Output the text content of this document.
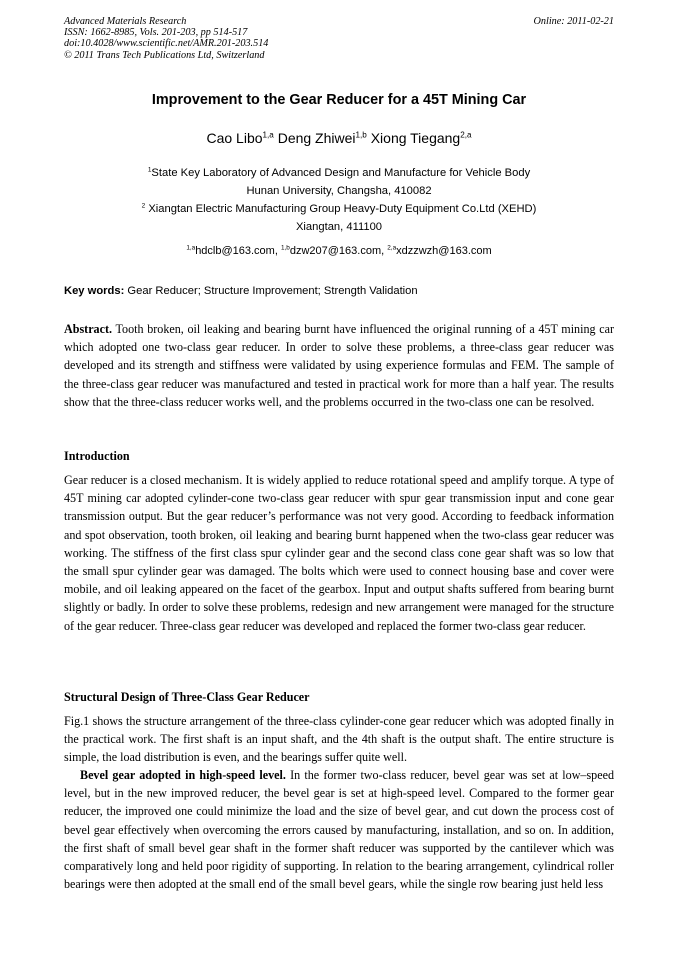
Advanced Materials Research
ISSN: 1662-8985, Vols. 201-203, pp 514-517
doi:10.4028/www.scientific.net/AMR.201-203.514
© 2011 Trans Tech Publications Ltd, Switzerland
Online: 2011-02-21
Improvement to the Gear Reducer for a 45T Mining Car
Cao Libo$^{1,a}$ Deng Zhiwei$^{1,b}$ Xiong Tiegang$^{2,a}$
$^1$State Key Laboratory of Advanced Design and Manufacture for Vehicle Body
Hunan University, Changsha, 410082
$^2$ Xiangtan Electric Manufacturing Group Heavy-Duty Equipment Co.Ltd (XEHD)
Xiangtan, 411100
$^{1,a}$hdclb@163.com, $^{1,b}$dzw207@163.com, $^{2,a}$xdzzwzh@163.com
Key words: Gear Reducer; Structure Improvement; Strength Validation
Abstract. Tooth broken, oil leaking and bearing burnt have influenced the original running of a 45T mining car which adopted one two-class gear reducer. In order to solve these problems, a three-class gear reducer was developed and its strength and stiffness were validated by using experience formulas and FEM. The sample of the three-class gear reducer was manufactured and tested in practical work for more than a half year. The results show that the three-class reducer works well, and the problems occurred in the two-class one can be resolved.
Introduction
Gear reducer is a closed mechanism. It is widely applied to reduce rotational speed and amplify torque. A type of 45T mining car adopted cylinder-cone two-class gear reducer with spur gear transmission input and cone gear transmission output. But the gear reducer’s performance was not very good. According to feedback information and spot observation, tooth broken, oil leaking and bearing burnt happened when the two-class gear reducer was working. The stiffness of the first class spur cylinder gear and the second class cone gear shaft was so low that the small spur cylinder gear was damaged. The bolts which were used to connect housing base and cover were mobile, and oil leaking appeared on the facet of the gearbox. Input and output shafts suffered from bearing burnt slightly or badly. In order to solve these problems, redesign and new arrangement were managed for the structure of the gear reducer. Three-class gear reducer was developed and replaced the former two-class gear reducer.
Structural Design of Three-Class Gear Reducer
Fig.1 shows the structure arrangement of the three-class cylinder-cone gear reducer which was adopted finally in the practical work. The first shaft is an input shaft, and the 4th shaft is the output shaft. The entire structure is simple, the load distribution is even, and the bearings suffer quite well.
Bevel gear adopted in high-speed level. In the former two-class reducer, bevel gear was set at low–speed level, but in the new improved reducer, the bevel gear is set at high-speed level. Compared to the former gear reducer, the improved one could minimize the load and the size of bevel gear, and cut down the process cost of bevel gear effectively when overcoming the errors caused by manufacturing, installation, and so on. In addition, the first shaft of small bevel gear shaft in the former shaft reducer was supported by the cantilever which was comparatively long and held poor rigidity of supporting. In relation to the bearing arrangement, cylindrical roller bearings were then adopted at the small end of the small bevel gears, while the single row bearing just held less
